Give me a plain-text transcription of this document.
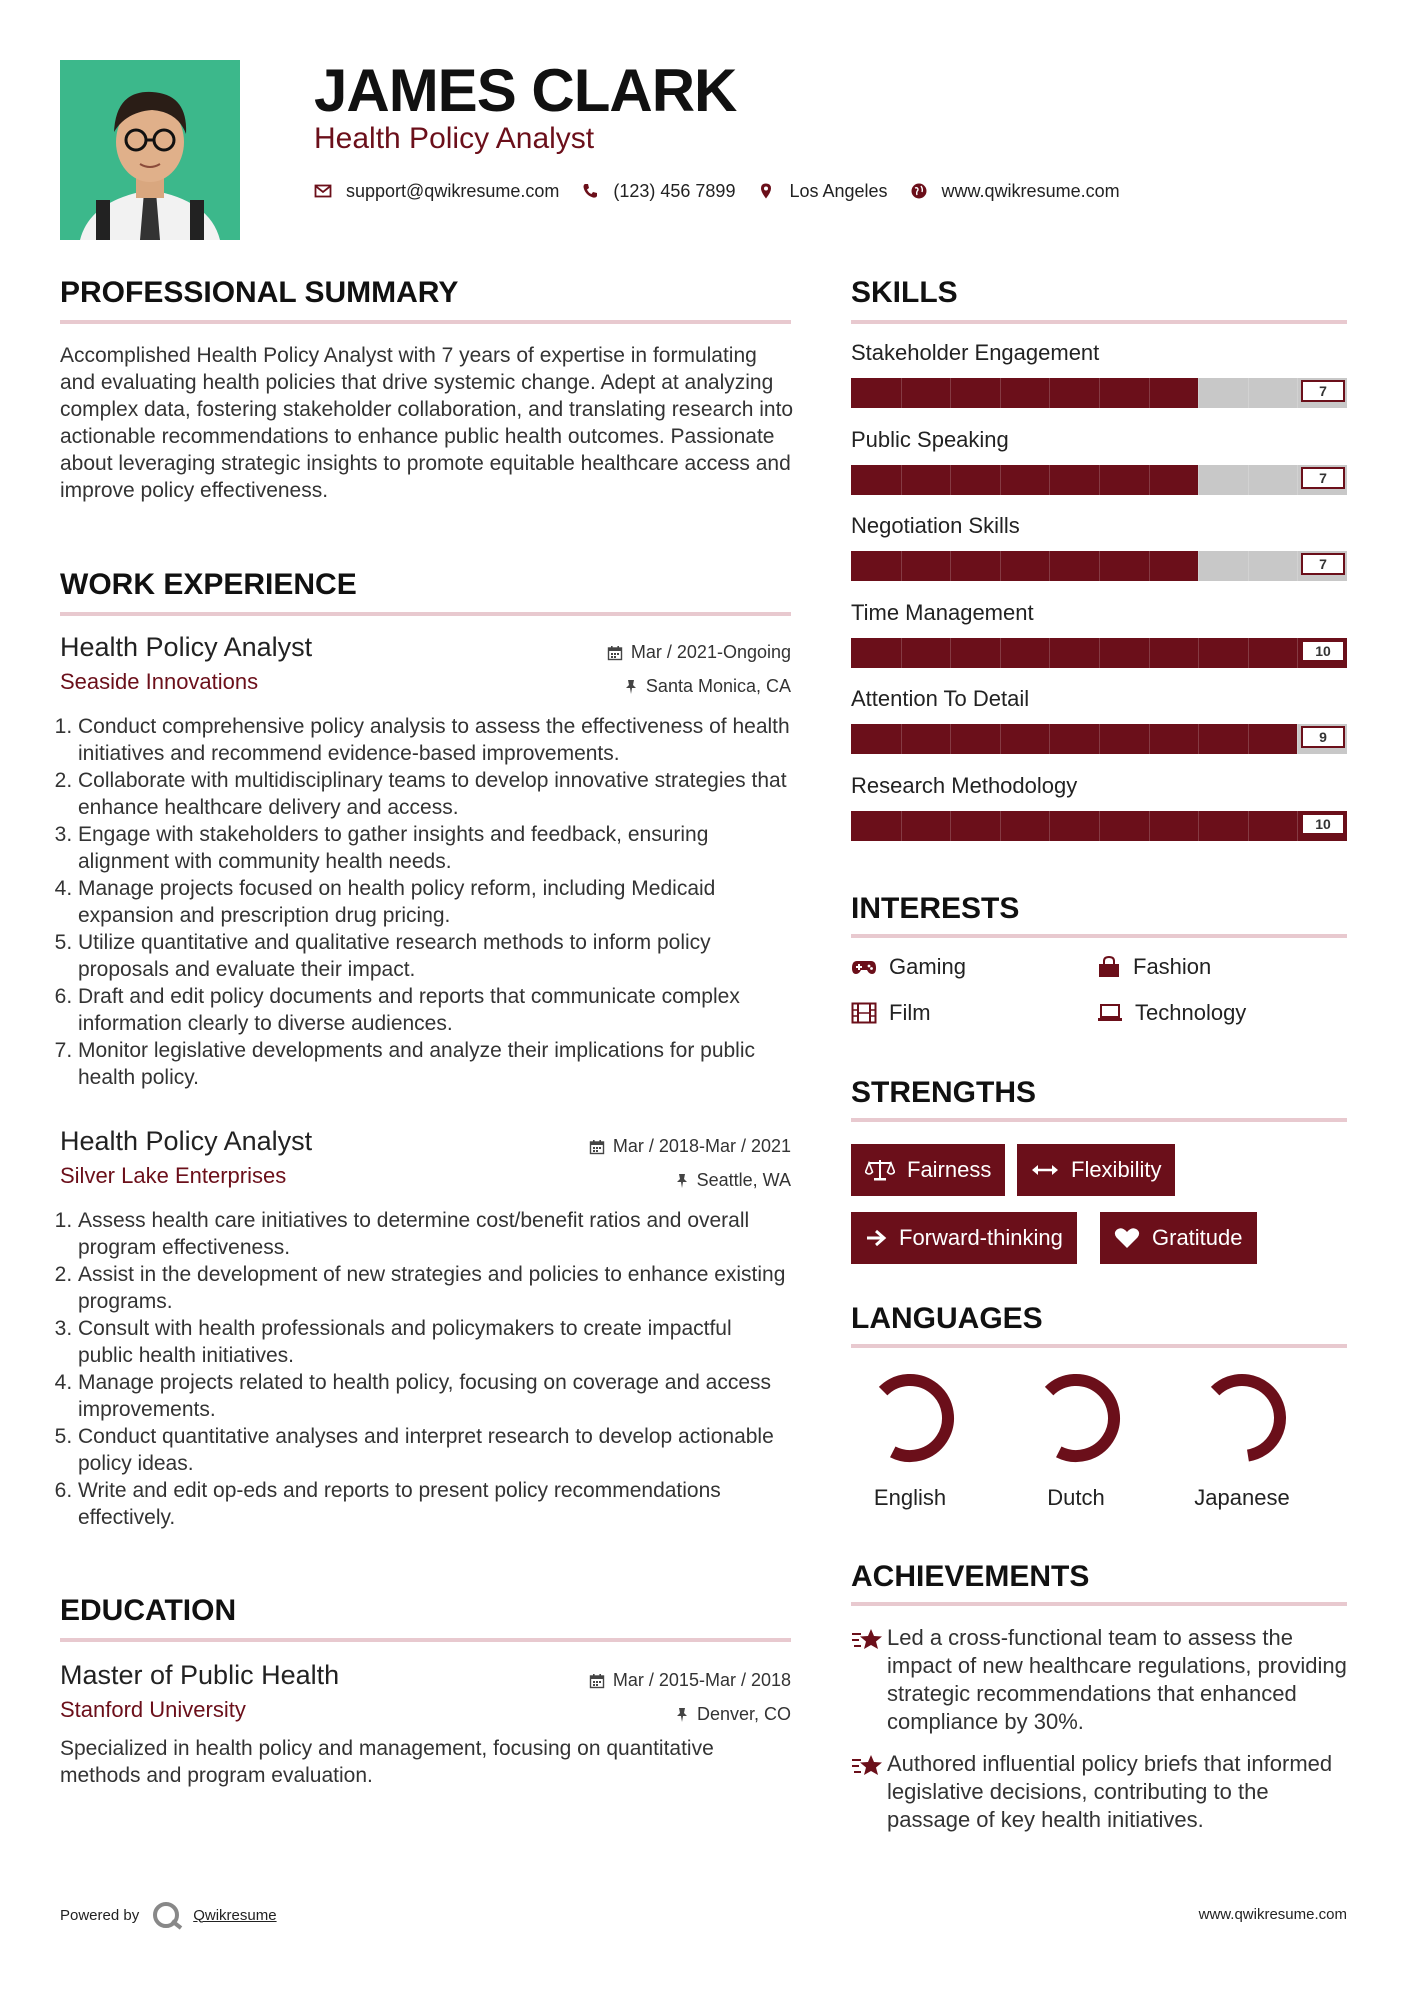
JAMES CLARK
Health Policy Analyst
support@qwikresume.com	(123) 456 7899	Los Angeles	www.qwikresume.com
PROFESSIONAL SUMMARY
Accomplished Health Policy Analyst with 7 years of expertise in formulating and evaluating health policies that drive systemic change. Adept at analyzing complex data, fostering stakeholder collaboration, and translating research into actionable recommendations to enhance public health outcomes. Passionate about leveraging strategic insights to promote equitable healthcare access and improve policy effectiveness.
WORK EXPERIENCE
Health Policy Analyst
Seaside Innovations
Mar / 2021-Ongoing
Santa Monica, CA
1. Conduct comprehensive policy analysis to assess the effectiveness of health initiatives and recommend evidence-based improvements.
2. Collaborate with multidisciplinary teams to develop innovative strategies that enhance healthcare delivery and access.
3. Engage with stakeholders to gather insights and feedback, ensuring alignment with community health needs.
4. Manage projects focused on health policy reform, including Medicaid expansion and prescription drug pricing.
5. Utilize quantitative and qualitative research methods to inform policy proposals and evaluate their impact.
6. Draft and edit policy documents and reports that communicate complex information clearly to diverse audiences.
7. Monitor legislative developments and analyze their implications for public health policy.
Health Policy Analyst
Silver Lake Enterprises
Mar / 2018-Mar / 2021
Seattle, WA
1. Assess health care initiatives to determine cost/benefit ratios and overall program effectiveness.
2. Assist in the development of new strategies and policies to enhance existing programs.
3. Consult with health professionals and policymakers to create impactful public health initiatives.
4. Manage projects related to health policy, focusing on coverage and access improvements.
5. Conduct quantitative analyses and interpret research to develop actionable policy ideas.
6. Write and edit op-eds and reports to present policy recommendations effectively.
EDUCATION
Master of Public Health
Stanford University
Mar / 2015-Mar / 2018
Denver, CO
Specialized in health policy and management, focusing on quantitative methods and program evaluation.
SKILLS
Stakeholder Engagement
7
Public Speaking
7
Negotiation Skills
7
Time Management
10
Attention To Detail
9
Research Methodology
10
INTERESTS
Gaming	Fashion
Film	Technology
STRENGTHS
Fairness	Flexibility
Forward-thinking	Gratitude
LANGUAGES
English	Dutch	Japanese
ACHIEVEMENTS
Led a cross-functional team to assess the impact of new healthcare regulations, providing strategic recommendations that enhanced compliance by 30%.
Authored influential policy briefs that informed legislative decisions, contributing to the passage of key health initiatives.
Powered by	Qwikresume	www.qwikresume.com
